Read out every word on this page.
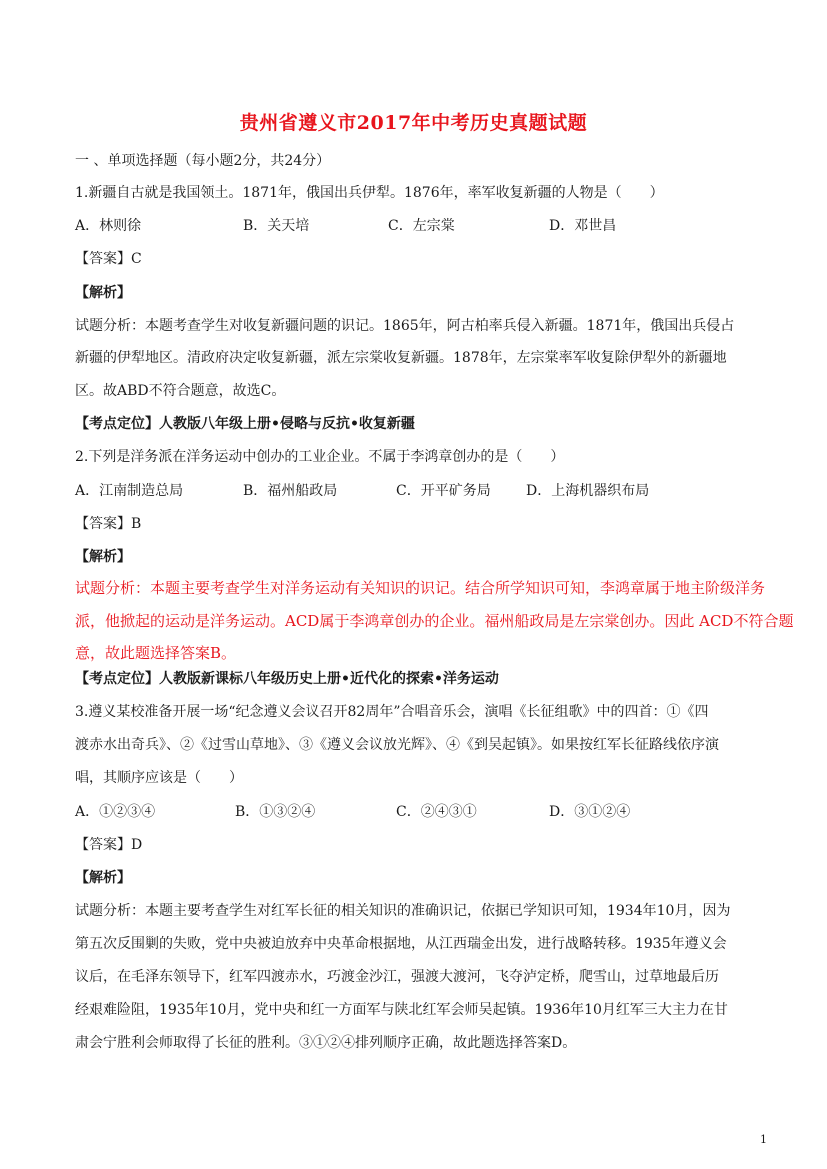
贵州省遵义市2017年中考历史真题试题
一 、单项选择题（每小题2分，共24分）
1.新疆自古就是我国领土。1871年，俄国出兵伊犁。1876年，率军收复新疆的人物是（　　）
A．林则徐	B．关天培	C．左宗棠	D．邓世昌
【答案】C
【解析】
试题分析：本题考查学生对收复新疆问题的识记。1865年，阿古柏率兵侵入新疆。1871年，俄国出兵侵占
新疆的伊犁地区。清政府决定收复新疆，派左宗棠收复新疆。1878年，左宗棠率军收复除伊犁外的新疆地
区。故ABD不符合题意，故选C。
【考点定位】人教版八年级上册•侵略与反抗•收复新疆
2.下列是洋务派在洋务运动中创办的工业企业。不属于李鸿章创办的是（　　）
A．江南制造总局	B．福州船政局	C．开平矿务局	D．上海机器织布局
【答案】B
【解析】
试题分析：本题主要考查学生对洋务运动有关知识的识记。结合所学知识可知，李鸿章属于地主阶级洋务
派，他掀起的运动是洋务运动。ACD属于李鸿章创办的企业。福州船政局是左宗棠创办。因此 ACD不符合题
意，故此题选择答案B。
【考点定位】人教版新课标八年级历史上册•近代化的探索•洋务运动
3.遵义某校准备开展一场“纪念遵义会议召开82周年”合唱音乐会，演唱《长征组歌》中的四首：①《四
渡赤水出奇兵》、②《过雪山草地》、③《遵义会议放光辉》、④《到吴起镇》。如果按红军长征路线依序演
唱，其顺序应该是（　　）
A．①②③④	B．①③②④	C．②④③①	D．③①②④
【答案】D
【解析】
试题分析：本题主要考查学生对红军长征的相关知识的准确识记，依据已学知识可知，1934年10月，因为
第五次反围剿的失败，党中央被迫放弃中央革命根据地，从江西瑞金出发，进行战略转移。1935年遵义会
议后，在毛泽东领导下，红军四渡赤水，巧渡金沙江，强渡大渡河，飞夺泸定桥，爬雪山，过草地最后历
经艰难险阻，1935年10月，党中央和红一方面军与陕北红军会师吴起镇。1936年10月红军三大主力在甘
肃会宁胜利会师取得了长征的胜利。③①②④排列顺序正确，故此题选择答案D。
1
